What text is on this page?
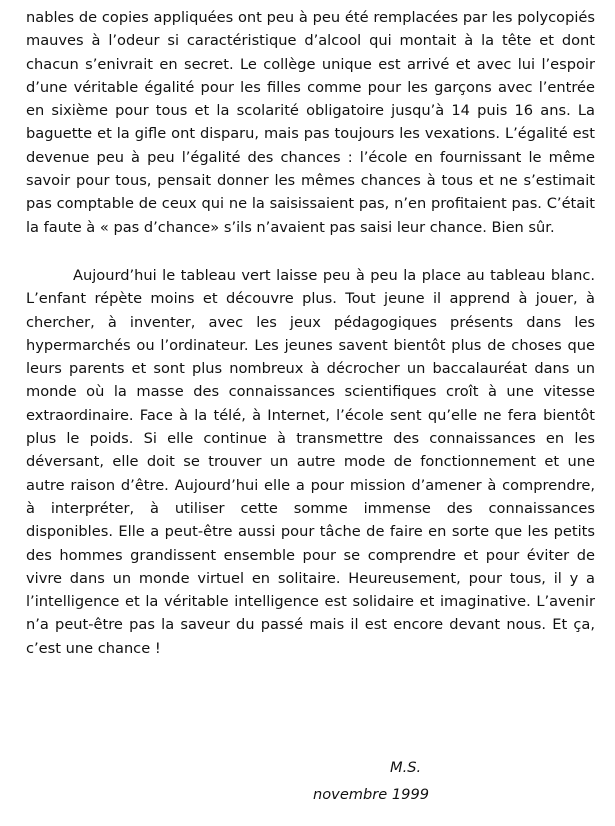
nables de copies appliquées ont peu à peu été remplacées par les polycopiés mauves à l’odeur si caractéristique d’alcool qui montait à la tête et dont chacun s’enivrait en secret. Le collège unique est arrivé et avec lui l’espoir d’une véritable égalité pour les filles comme pour les garçons avec l’entrée en sixième pour tous et la scolarité obligatoire jusqu’à 14 puis 16 ans. La baguette et la gifle ont disparu, mais pas toujours les vexations. L’égalité est devenue peu à peu l’égalité des chances : l’école en fournissant le même savoir pour tous, pensait donner les mêmes chances à tous et ne s’estimait pas comptable de ceux qui ne la saisissaient pas, n’en profitaient pas. C’était la faute à « pas d’chance» s’ils n’avaient pas saisi leur chance. Bien sûr.

Aujourd’hui le tableau vert laisse peu à peu la place au tableau blanc. L’enfant répète moins et découvre plus. Tout jeune il apprend à jouer, à chercher, à inventer, avec les jeux pédagogiques présents dans les hypermarchés ou l’ordinateur. Les jeunes savent bientôt plus de choses que leurs parents et sont plus nombreux à décrocher un baccalauréat dans un monde où la masse des connaissances scientifiques croît à une vitesse extraordinaire. Face à la télé, à Internet, l’école sent qu’elle ne fera bientôt plus le poids. Si elle continue à transmettre des connaissances en les déversant, elle doit se trouver un autre mode de fonctionnement et une autre raison d’être. Aujourd’hui elle a pour mission d’amener à comprendre, à interpréter, à utiliser cette somme immense des connaissances disponibles. Elle a peut-être aussi pour tâche de faire en sorte que les petits des hommes grandissent ensemble pour se comprendre et pour éviter de vivre dans un monde virtuel en solitaire. Heureusement, pour tous, il y a l’intelligence et la véritable intelligence est solidaire et imaginative. L’avenir n’a peut-être pas la saveur du passé mais il est encore devant nous. Et ça, c’est une chance !

M.S.
novembre 1999
